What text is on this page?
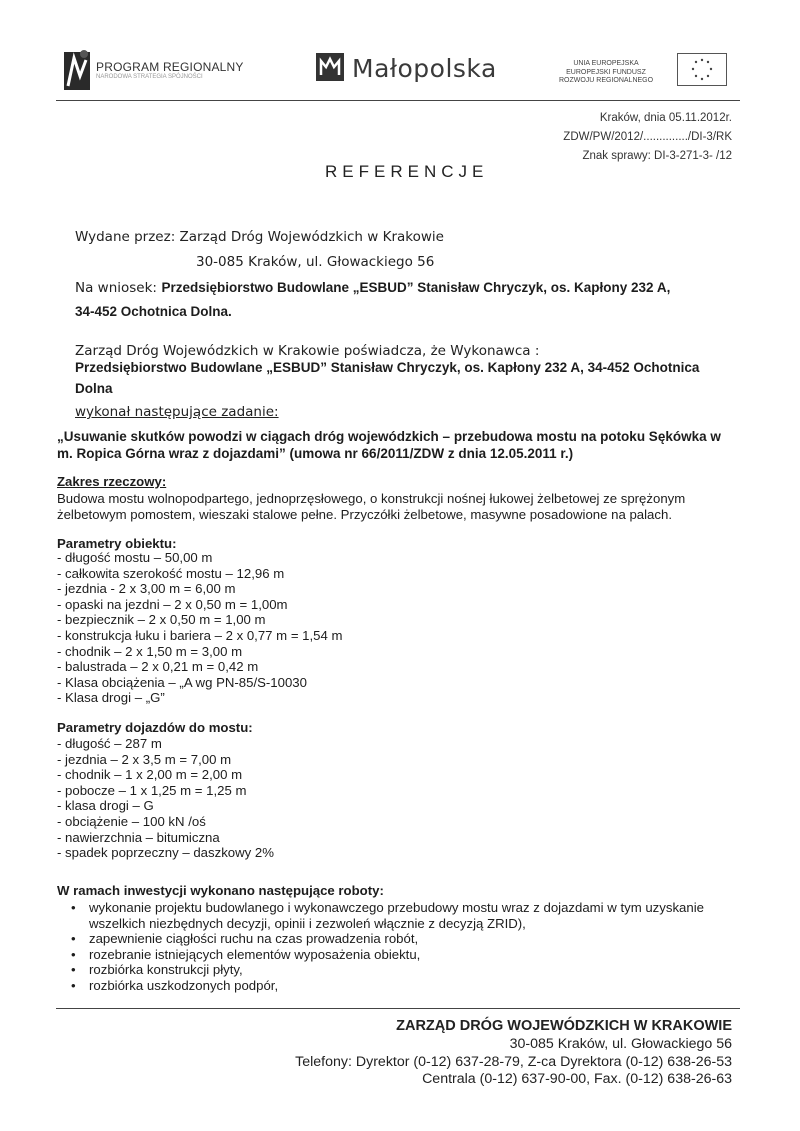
PROGRAM REGIONALNY
NARODOWA STRATEGIA SPÓJNOŚCI	Małopolska	UNIA EUROPEJSKA
EUROPEJSKI FUNDUSZ
ROZWOJU REGIONALNEGO
Kraków, dnia 05.11.2012r.
ZDW/PW/2012/............../DI-3/RK
Znak sprawy: DI-3-271-3- /12
REFERENCJE
Wydane przez: Zarząd Dróg Wojewódzkich w Krakowie
30-085 Kraków, ul. Głowackiego 56
Na wniosek: Przedsiębiorstwo Budowlane „ESBUD” Stanisław Chryczyk, os. Kapłony 232 A,
34-452 Ochotnica Dolna.
Zarząd Dróg Wojewódzkich w Krakowie poświadcza, że Wykonawca :
Przedsiębiorstwo Budowlane „ESBUD” Stanisław Chryczyk, os. Kapłony 232 A, 34-452 Ochotnica
Dolna
wykonał następujące zadanie:
„Usuwanie skutków powodzi w ciągach dróg wojewódzkich – przebudowa mostu na potoku Sękówka w
m. Ropica Górna wraz z dojazdami” (umowa nr 66/2011/ZDW z dnia 12.05.2011 r.)
Zakres rzeczowy:
Budowa mostu wolnopodpartego, jednoprzęsłowego, o konstrukcji nośnej łukowej żelbetowej ze sprężonym
żelbetowym pomostem, wieszaki stalowe pełne. Przyczółki żelbetowe, masywne posadowione na palach.
Parametry obiektu:
- długość mostu – 50,00 m
- całkowita szerokość mostu – 12,96 m
- jezdnia - 2 x 3,00 m = 6,00 m
- opaski na jezdni – 2 x 0,50 m = 1,00m
- bezpiecznik – 2 x 0,50 m = 1,00 m
- konstrukcja łuku i bariera – 2 x 0,77 m = 1,54 m
- chodnik – 2 x 1,50 m = 3,00 m
- balustrada – 2 x 0,21 m = 0,42 m
- Klasa obciążenia – „A wg PN-85/S-10030
- Klasa drogi – „G”
Parametry dojazdów do mostu:
- długość – 287 m
- jezdnia – 2 x 3,5 m = 7,00 m
- chodnik – 1 x 2,00 m = 2,00 m
- pobocze – 1 x 1,25 m = 1,25 m
- klasa drogi – G
- obciążenie – 100 kN /oś
- nawierzchnia – bitumiczna
- spadek poprzeczny – daszkowy 2%
W ramach inwestycji wykonano następujące roboty:
• wykonanie projektu budowlanego i wykonawczego przebudowy mostu wraz z dojazdami w tym uzyskanie
wszelkich niezbędnych decyzji, opinii i zezwoleń włącznie z decyzją ZRID),
• zapewnienie ciągłości ruchu na czas prowadzenia robót,
• rozebranie istniejących elementów wyposażenia obiektu,
• rozbiórka konstrukcji płyty,
• rozbiórka uszkodzonych podpór,
ZARZĄD DRÓG WOJEWÓDZKICH W KRAKOWIE
30-085 Kraków, ul. Głowackiego 56
Telefony: Dyrektor (0-12) 637-28-79, Z-ca Dyrektora (0-12) 638-26-53
Centrala (0-12) 637-90-00, Fax. (0-12) 638-26-63
